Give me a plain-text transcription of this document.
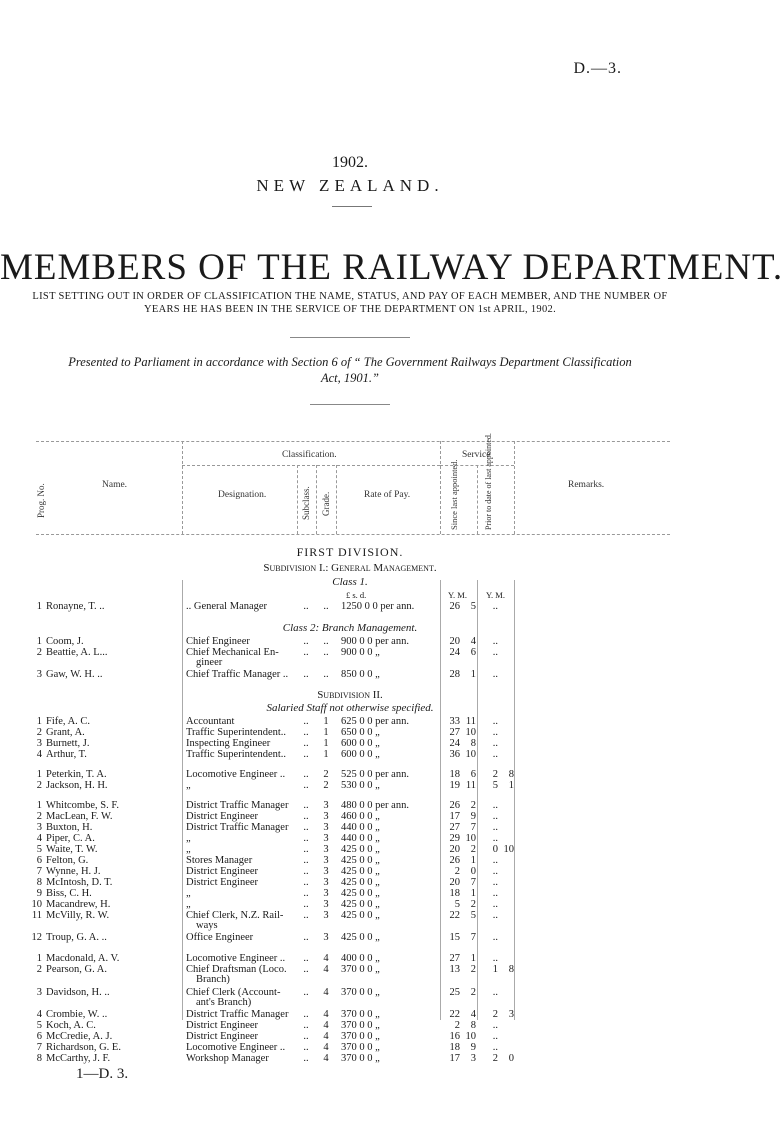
D.—3.
1902.
NEW ZEALAND.
MEMBERS OF THE RAILWAY DEPARTMENT.
LIST SETTING OUT IN ORDER OF CLASSIFICATION THE NAME, STATUS, AND PAY OF EACH MEMBER, AND THE NUMBER OF YEARS HE HAS BEEN IN THE SERVICE OF THE DEPARTMENT ON 1st APRIL, 1902.
Presented to Parliament in accordance with Section 6 of “ The Government Railways Department Classification Act, 1901.”
Prog. No.	Name.
Classification.
Designation.	Subclass. Grade.	Rate of Pay.
Service
Since last appointed.	Prior to date of last appointed.	Remarks.
FIRST DIVISION.
Subdivision I.: General Management.
Class 1.
£ s. d.	Y. M. Y. M.
1 Ronayne, T. ..	.. General Manager	..	..	1250 0 0 per ann.	26	5	..
Class 2: Branch Management.
1 Coom, J.	Chief Engineer	..	..	900 0 0 per ann.	20	4	..
2 Beattie, A. L...	Chief Mechanical En- ..	..	900 0 0 „	24	6	..
gineer
3 Gaw, W. H. ..	Chief Traffic Manager .. ..	..	850 0 0 „	28	1	..
Subdivision II.
Salaried Staff not otherwise specified.
1 Fife, A. C.	Accountant	..	1	625 0 0 per ann.	33 11	..
2 Grant, A.	Traffic Superintendent.. ..	1	650 0 0 „	27 10	..
3 Burnett, J.	Inspecting Engineer	..	1	600 0 0 „	24	8	..
4 Arthur, T.	Traffic Superintendent.. ..	1	600 0 0 „	36 10	..
1 Peterkin, T. A.	Locomotive Engineer .. ..	2	525 0 0 per ann.	18	6	2	8
2 Jackson, H. H.	„	..	2	530 0 0 „	19 11	5	1
1 Whitcombe, S. F.	District Traffic Manager ..	3	480 0 0 per ann.	26	2	..
2 MacLean, F. W.	District Engineer	..	3	460 0 0 „	17	9	..
3 Buxton, H.	District Traffic Manager ..	3	440 0 0 „	27	7	..
4 Piper, C. A.	„	..	3	440 0 0 „	29 10	..
5 Waite, T. W.	„	..	3	425 0 0 „	20	2	0 10
6 Felton, G.	Stores Manager	..	3	425 0 0 „	26	1	..
7 Wynne, H. J.	District Engineer	..	3	425 0 0 „	2	0	..
8 McIntosh, D. T.	District Engineer	..	3	425 0 0 „	20	7	..
9 Biss, C. H.	„	..	3	425 0 0 „	18	1	..
10 Macandrew, H.	„	..	3	425 0 0 „	5	2	..
11 McVilly, R. W.	Chief Clerk, N.Z. Rail- ..	3	425 0 0 „	22	5	..
ways
12 Troup, G. A. ..	Office Engineer	..	3	425 0 0 „	15	7	..
1 Macdonald, A. V.	Locomotive Engineer .. ..	4	400 0 0 „	27	1	..
2 Pearson, G. A.	Chief Draftsman (Loco. ..	4	370 0 0 „	13	2	1	8
Branch)
3 Davidson, H. ..	Chief Clerk (Account- ..	4	370 0 0 „	25	2	..
ant's Branch)
4 Crombie, W. ..	District Traffic Manager ..	4	370 0 0 „	22	4	2	3
5 Koch, A. C.	District Engineer	..	4	370 0 0 „	2	8	..
6 McCredie, A. J.	District Engineer	..	4	370 0 0 „	16 10	..
7 Richardson, G. E.	Locomotive Engineer .. ..	4	370 0 0 „	18	9	..
8 McCarthy, J. F.	Workshop Manager	..	4	370 0 0 „	17	3	2	0
1—D. 3.
